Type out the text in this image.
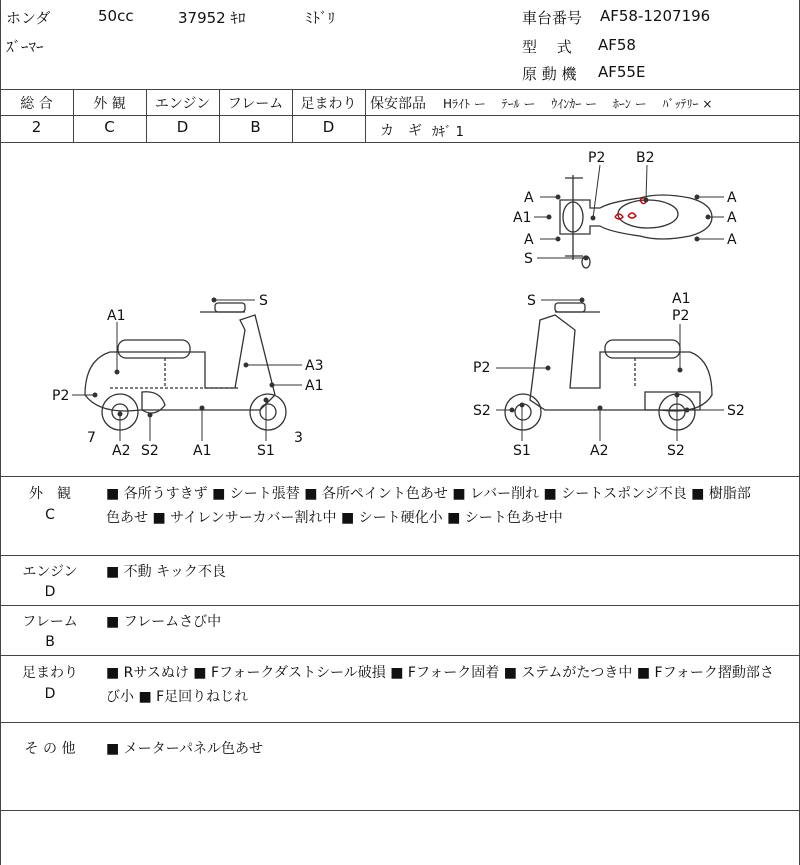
ホンダ	50cc	37952 ｷﾛ	ﾐﾄﾞﾘ
ｽﾞｰﾏｰ
車台番号 AF58-1207196
型　 式 AF58
原 動 機 AF55E
総 合	外 観	エンジン	フレーム	足まわり
2	C	D	B	D
保安部品 Hﾗｲﾄ ー　 ﾃｰﾙ ー　 ｳｲﾝｶｰ ー　 ﾎｰﾝ ー　 ﾊﾞｯﾃﾘｰ ×
カ　ギ ｶｷﾞ 1
P2 B2
A
A1
A
S
A
A
A
S
A1
A3
A1
P2
7
A2 S2 A1	S1
3
S	A1
P2
P2
S2	S2
S1	A2	S2
外　観
C
■ 各所うすきず ■ シート張替 ■ 各所ペイント色あせ ■ レバー削れ ■ シートスポンジ不良 ■ 樹脂部
色あせ ■ サイレンサーカバー割れ中 ■ シート硬化小 ■ シート色あせ中
エンジン
D
■ 不動 キック不良
フレーム
B
■ フレームさび中
足まわり
D
■ Rサスぬけ ■ Fフォークダストシール破損 ■ Fフォーク固着 ■ ステムがたつき中 ■ Fフォーク摺動部さ
び小 ■ F足回りねじれ
そ の 他	■ メーターパネル色あせ
